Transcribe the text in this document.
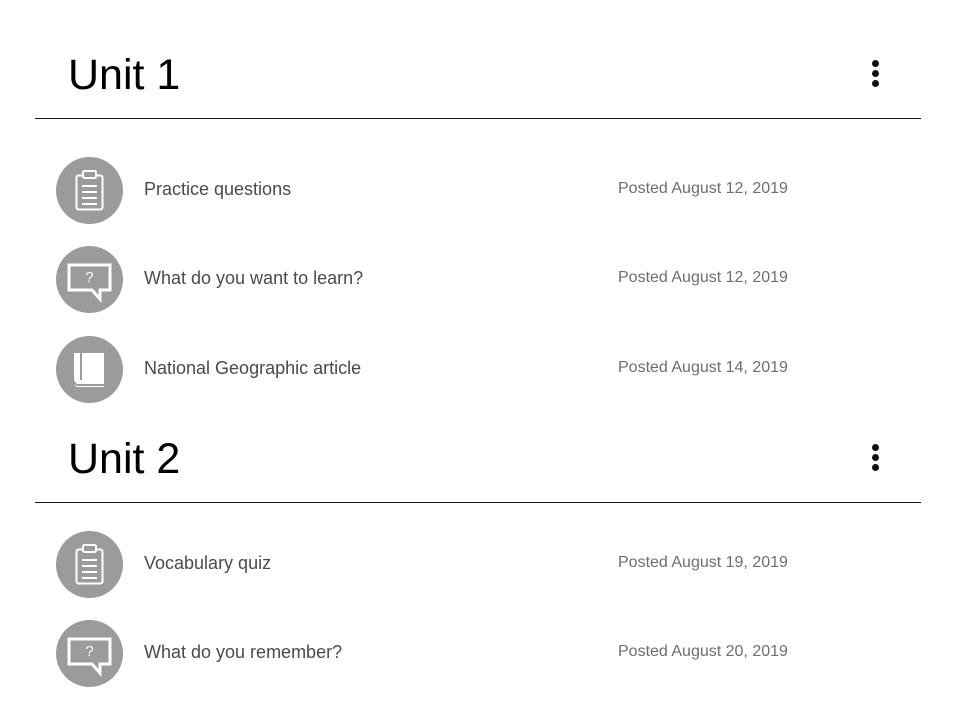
Unit 1
Practice questions	Posted August 12, 2019
?	What do you want to learn?	Posted August 12, 2019
National Geographic article	Posted August 14, 2019
Unit 2
Vocabulary quiz	Posted August 19, 2019
?	What do you remember?	Posted August 20, 2019
